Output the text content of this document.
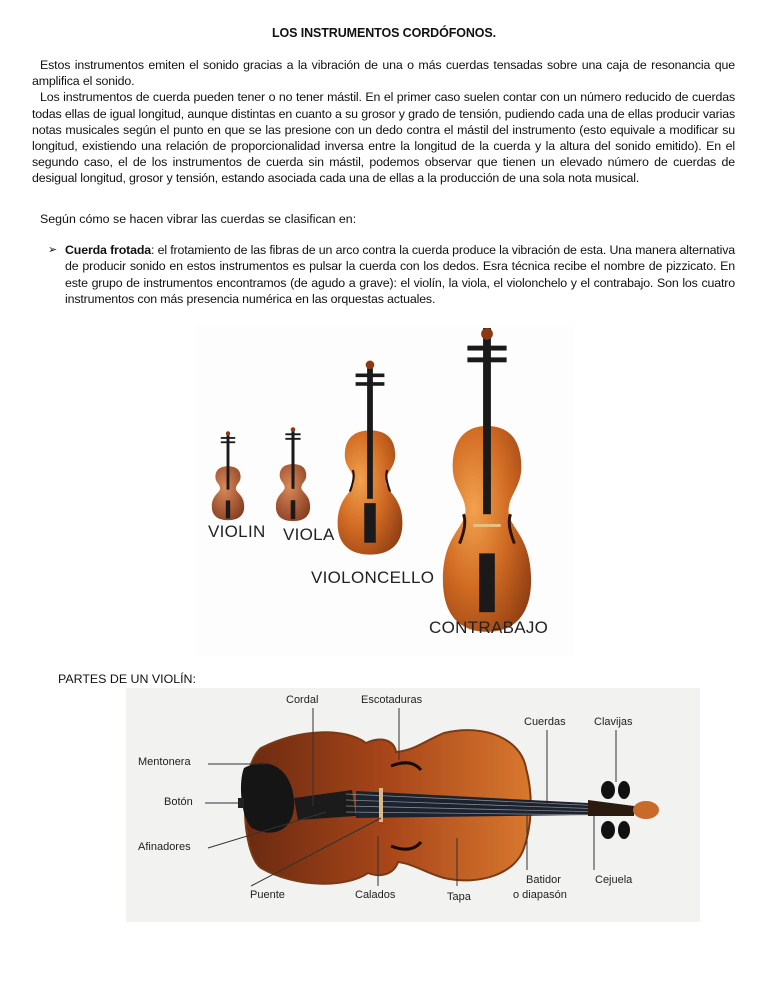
LOS INSTRUMENTOS CORDÓFONOS.

Estos instrumentos emiten el sonido gracias a la vibración de una o más cuerdas tensadas sobre una caja de resonancia que amplifica el sonido.

Los instrumentos de cuerda pueden tener o no tener mástil. En el primer caso suelen contar con un número reducido de cuerdas todas ellas de igual longitud, aunque distintas en cuanto a su grosor y grado de tensión, pudiendo cada una de ellas producir varias notas musicales según el punto en que se las presione con un dedo contra el mástil del instrumento (esto equivale a modificar su longitud, existiendo una relación de proporcionalidad inversa entre la longitud de la cuerda y la altura del sonido emitido). En el segundo caso, el de los instrumentos de cuerda sin mástil, podemos observar que tienen un elevado número de cuerdas de desigual longitud, grosor y tensión, estando asociada cada una de ellas a la producción de una sola nota musical.

Según cómo se hacen vibrar las cuerdas se clasifican en:
➢ Cuerda frotada: el frotamiento de las fibras de un arco contra la cuerda produce la vibración de esta. Una manera alternativa de producir sonido en estos instrumentos es pulsar la cuerda con los dedos. Esra técnica recibe el nombre de pizzicato. En este grupo de instrumentos encontramos (de agudo a grave): el violín, la viola, el violonchelo y el contrabajo. Son los cuatro instrumentos con más presencia numérica en las orquestas actuales.
VIOLIN VIOLA
VIOLONCELLO
CONTRABAJO
PARTES DE UN VIOLÍN:
Cordal	Escotaduras
Cuerdas	Clavijas
Mentonera
Botón
Afinadores
Puente	Calados	Tapa
Batidor
o diapasón
Cejuela
